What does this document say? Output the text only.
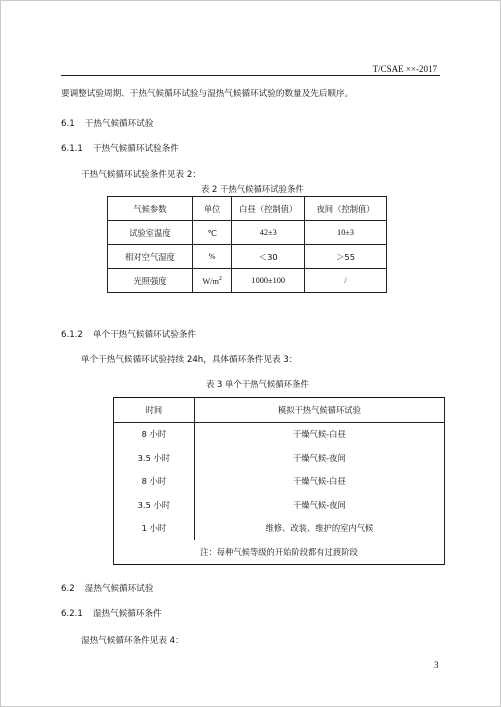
T/CSAE ××-2017
要调整试验周期、干热气候循环试验与湿热气候循环试验的数量及先后顺序。
6.1 干热气候循环试验
6.1.1 干热气候循环试验条件
干热气候循环试验条件见表 2：
表 2 干热气候循环试验条件
气候参数	单位	白昼（控制值）	夜间（控制值）
试验室温度	℃	42±3	10±3
相对空气湿度	%	＜30	＞55
光照强度	$W/m^2$	1000±100	/
6.1.2 单个干热气候循环试验条件
单个干热气候循环试验持续 24h，具体循环条件见表 3：
表 3 单个干热气候循环条件
时间	模拟干热气候循环试验
8 小时	干燥气候-白昼
3.5 小时	干燥气候-夜间
8 小时	干燥气候-白昼
3.5 小时	干燥气候-夜间
1 小时	维修、改装、维护的室内气候
注：每种气候等级的开始阶段都有过渡阶段	
6.2 湿热气候循环试验
6.2.1 湿热气候循环条件
湿热气候循环条件见表 4：
3
